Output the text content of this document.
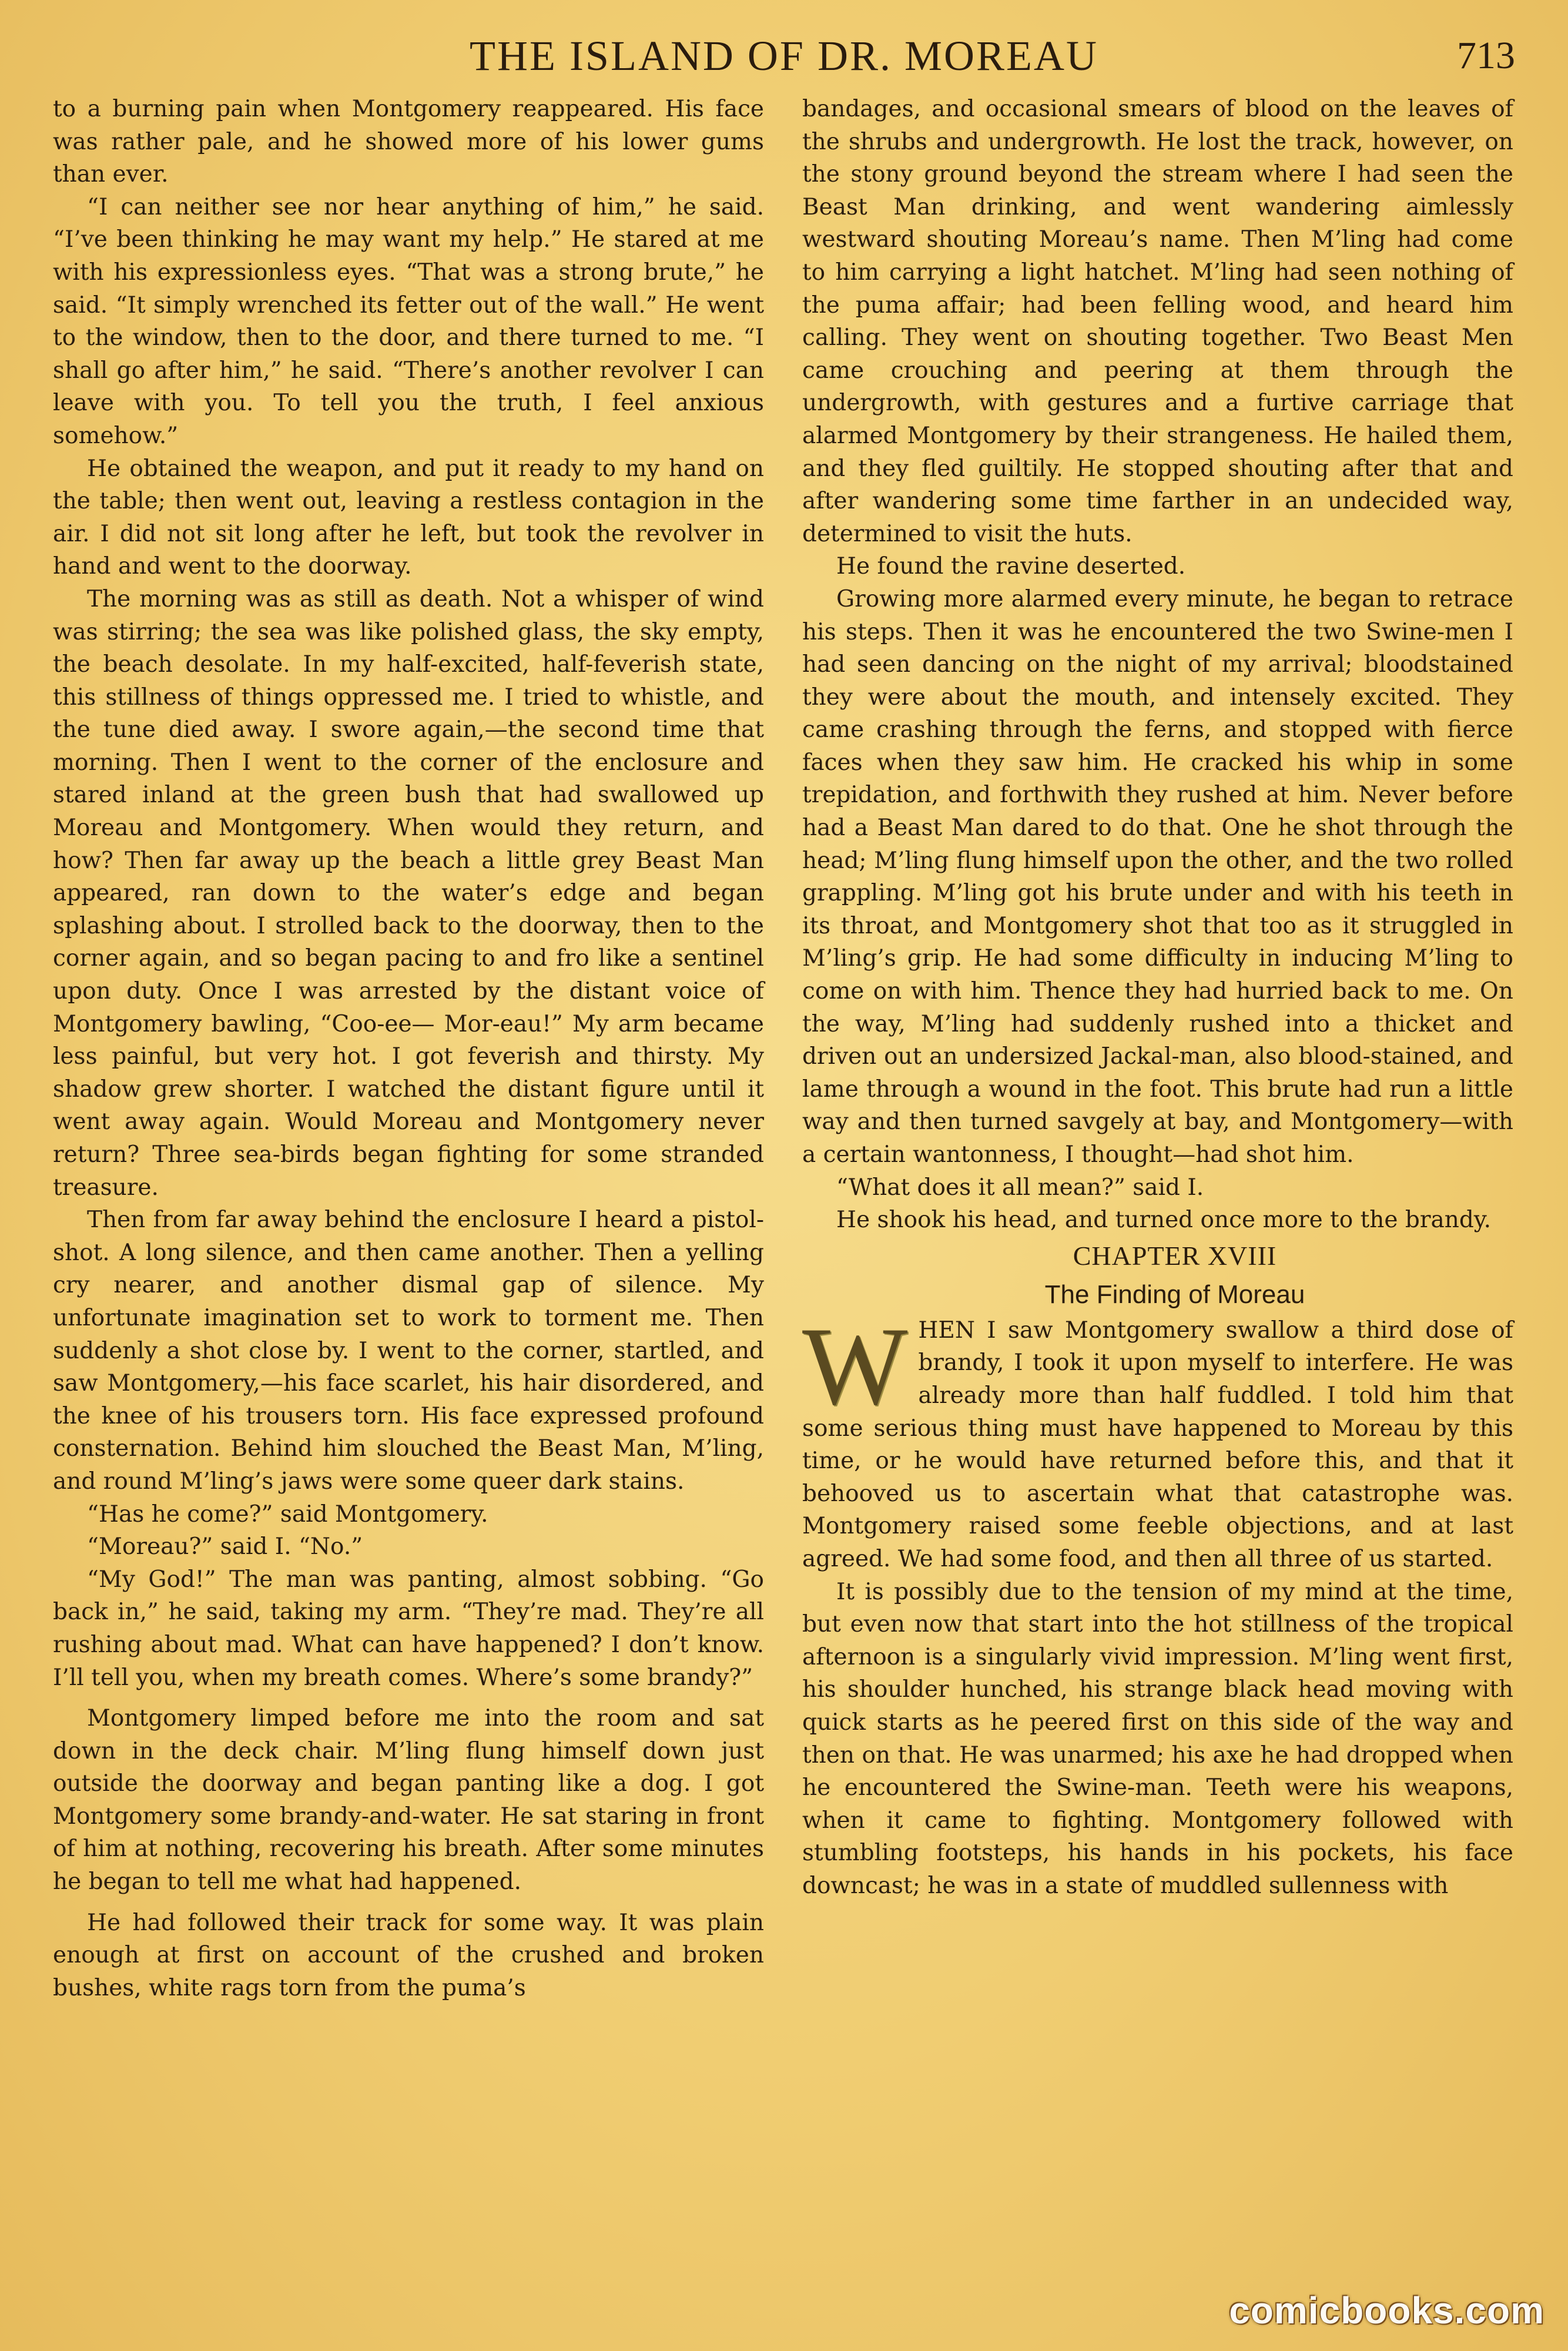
THE ISLAND OF DR. MOREAU	713

to a burning pain when Montgomery reappeared. His face was rather pale, and he showed more of his lower gums than ever.

“I can neither see nor hear anything of him,” he said. “I’ve been thinking he may want my help.” He stared at me with his expressionless eyes. “That was a strong brute,” he said. “It simply wrenched its fetter out of the wall.” He went to the window, then to the door, and there turned to me. “I shall go after him,” he said. “There’s another revolver I can leave with you. To tell you the truth, I feel anxious somehow.”

He obtained the weapon, and put it ready to my hand on the table; then went out, leaving a restless contagion in the air. I did not sit long after he left, but took the revolver in hand and went to the doorway.

The morning was as still as death. Not a whisper of wind was stirring; the sea was like polished glass, the sky empty, the beach desolate. In my half-excited, half-feverish state, this stillness of things oppressed me. I tried to whistle, and the tune died away. I swore again,—the second time that morning. Then I went to the corner of the enclosure and stared inland at the green bush that had swallowed up Moreau and Montgomery. When would they return, and how? Then far away up the beach a little grey Beast Man appeared, ran down to the water’s edge and began splashing about. I strolled back to the doorway, then to the corner again, and so began pacing to and fro like a sentinel upon duty. Once I was arrested by the distant voice of Montgomery bawling, “Coo-ee— Mor-eau!” My arm became less painful, but very hot. I got feverish and thirsty. My shadow grew shorter. I watched the distant figure until it went away again. Would Moreau and Montgomery never return? Three sea-birds began fighting for some stranded treasure.

Then from far away behind the enclosure I heard a pistol-shot. A long silence, and then came another. Then a yelling cry nearer, and another dismal gap of silence. My unfortunate imagination set to work to torment me. Then suddenly a shot close by. I went to the corner, startled, and saw Montgomery,—his face scarlet, his hair disordered, and the knee of his trousers torn. His face expressed profound consternation. Behind him slouched the Beast Man, M’ling, and round M’ling’s jaws were some queer dark stains.

“Has he come?” said Montgomery.

“Moreau?” said I. “No.”

“My God!” The man was panting, almost sobbing. “Go back in,” he said, taking my arm. “They’re mad. They’re all rushing about mad. What can have happened? I don’t know. I’ll tell you, when my breath comes. Where’s some brandy?”

Montgomery limped before me into the room and sat down in the deck chair. M’ling flung himself down just outside the doorway and began panting like a dog. I got Montgomery some brandy-and-water. He sat staring in front of him at nothing, recovering his breath. After some minutes he began to tell me what had happened.

He had followed their track for some way. It was plain enough at first on account of the crushed and broken bushes, white rags torn from the puma’s

bandages, and occasional smears of blood on the leaves of the shrubs and undergrowth. He lost the track, however, on the stony ground beyond the stream where I had seen the Beast Man drinking, and went wandering aimlessly westward shouting Moreau’s name. Then M’ling had come to him carrying a light hatchet. M’ling had seen nothing of the puma affair; had been felling wood, and heard him calling. They went on shouting together. Two Beast Men came crouching and peering at them through the undergrowth, with gestures and a furtive carriage that alarmed Montgomery by their strangeness. He hailed them, and they fled guiltily. He stopped shouting after that and after wandering some time farther in an undecided way, determined to visit the huts.

He found the ravine deserted.

Growing more alarmed every minute, he began to retrace his steps. Then it was he encountered the two Swine-men I had seen dancing on the night of my arrival; bloodstained they were about the mouth, and intensely excited. They came crashing through the ferns, and stopped with fierce faces when they saw him. He cracked his whip in some trepidation, and forthwith they rushed at him. Never before had a Beast Man dared to do that. One he shot through the head; M’ling flung himself upon the other, and the two rolled grappling. M’ling got his brute under and with his teeth in its throat, and Montgomery shot that too as it struggled in M’ling’s grip. He had some difficulty in inducing M’ling to come on with him. Thence they had hurried back to me. On the way, M’ling had suddenly rushed into a thicket and driven out an undersized Jackal-man, also blood-stained, and lame through a wound in the foot. This brute had run a little way and then turned savgely at bay, and Montgomery—with a certain wantonness, I thought—had shot him.

“What does it all mean?” said I.

He shook his head, and turned once more to the brandy.

CHAPTER XVIII

The Finding of Moreau

WHEN I saw Montgomery swallow a third dose of brandy, I took it upon myself to interfere. He was already more than half fuddled. I told him that some serious thing must have happened to Moreau by this time, or he would have returned before this, and that it behooved us to ascertain what that catastrophe was. Montgomery raised some feeble objections, and at last agreed. We had some food, and then all three of us started.

It is possibly due to the tension of my mind at the time, but even now that start into the hot stillness of the tropical afternoon is a singularly vivid impression. M’ling went first, his shoulder hunched, his strange black head moving with quick starts as he peered first on this side of the way and then on that. He was unarmed; his axe he had dropped when he encountered the Swine-man. Teeth were his weapons, when it came to fighting. Montgomery followed with stumbling footsteps, his hands in his pockets, his face downcast; he was in a state of muddled sullenness with

comicbooks.com
